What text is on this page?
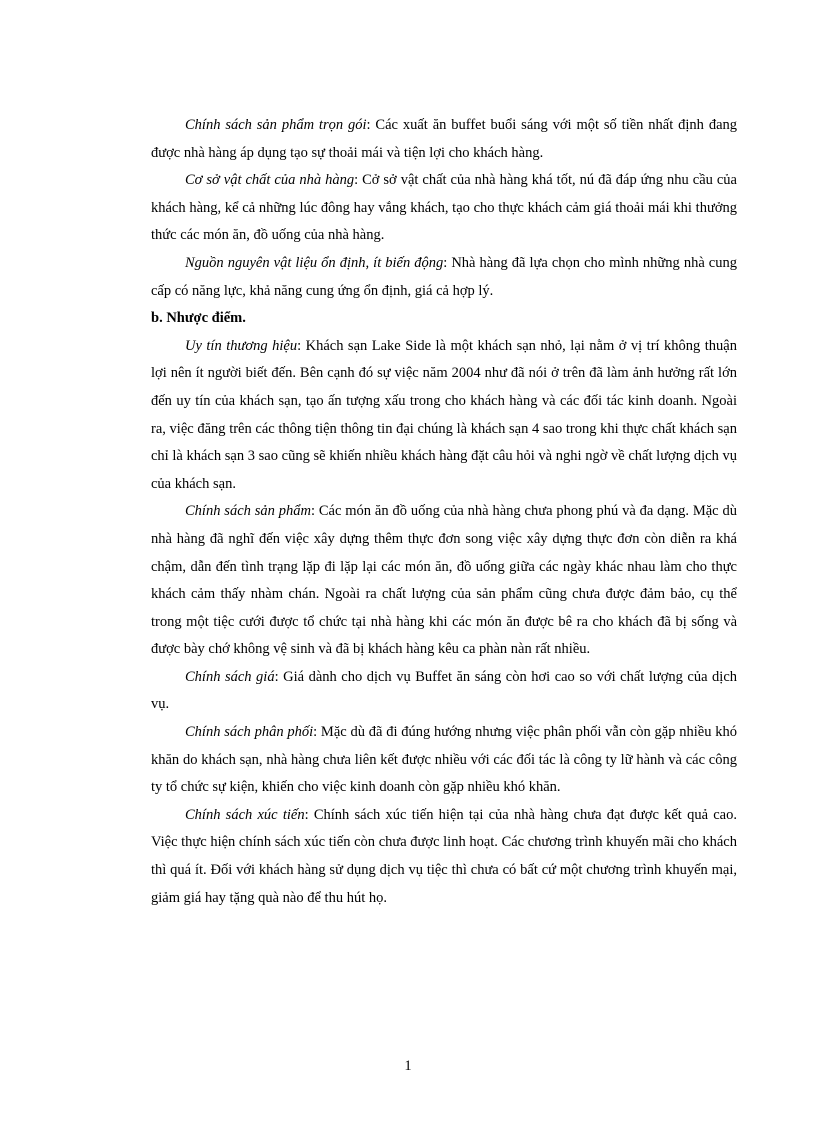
Chính sách sản phẩm trọn gói: Các xuất ăn buffet buổi sáng với một số tiền nhất định đang được nhà hàng áp dụng tạo sự thoải mái và tiện lợi cho khách hàng.

Cơ sở vật chất của nhà hàng: Cở sở vật chất của nhà hàng khá tốt, nú đã đáp ứng nhu cầu của khách hàng, kể cả những lúc đông hay vắng khách, tạo cho thực khách cảm giá thoải mái khi thưởng thức các món ăn, đồ uống của nhà hàng.

Nguồn nguyên vật liệu ổn định, ít biến động: Nhà hàng đã lựa chọn cho mình những nhà cung cấp có năng lực, khả năng cung ứng ổn định, giá cả hợp lý.

b. Nhược điểm.

Uy tín thương hiệu: Khách sạn Lake Side là một khách sạn nhỏ, lại nằm ở vị trí không thuận lợi nên ít người biết đến. Bên cạnh đó sự việc năm 2004 như đã nói ở trên đã làm ảnh hưởng rất lớn đến uy tín của khách sạn, tạo ấn tượng xấu trong cho khách hàng và các đối tác kinh doanh. Ngoài ra, việc đăng trên các thông tiện thông tin đại chúng là khách sạn 4 sao trong khi thực chất khách sạn chỉ là khách sạn 3 sao cũng sẽ khiến nhiều khách hàng đặt câu hỏi và nghi ngờ về chất lượng dịch vụ của khách sạn.

Chính sách sản phẩm: Các món ăn đồ uống của nhà hàng chưa phong phú và đa dạng. Mặc dù nhà hàng đã nghĩ đến việc xây dựng thêm thực đơn song việc xây dựng thực đơn còn diễn ra khá chậm, dẫn đến tình trạng lặp đi lặp lại các món ăn, đồ uống giữa các ngày khác nhau làm cho thực khách cảm thấy nhàm chán. Ngoài ra chất lượng của sản phẩm cũng chưa được đảm bảo, cụ thể trong một tiệc cưới được tổ chức tại nhà hàng khi các món ăn được bê ra cho khách đã bị sống và được bày chớ không vệ sinh và đã bị khách hàng kêu ca phàn nàn rất nhiều.

Chính sách giá: Giá dành cho dịch vụ Buffet ăn sáng còn hơi cao so với chất lượng của dịch vụ.

Chính sách phân phối: Mặc dù đã đi đúng hướng nhưng việc phân phối vẫn còn gặp nhiều khó khăn do khách sạn, nhà hàng chưa liên kết được nhiều với các đối tác là công ty lữ hành và các công ty tổ chức sự kiện, khiến cho việc kinh doanh còn gặp nhiều khó khăn.

Chính sách xúc tiến: Chính sách xúc tiến hiện tại của nhà hàng chưa đạt được kết quả cao. Việc thực hiện chính sách xúc tiến còn chưa được linh hoạt. Các chương trình khuyến mãi cho khách thì quá ít. Đối với khách hàng sử dụng dịch vụ tiệc thì chưa có bất cứ một chương trình khuyến mại, giảm giá hay tặng quà nào để thu hút họ.

1
